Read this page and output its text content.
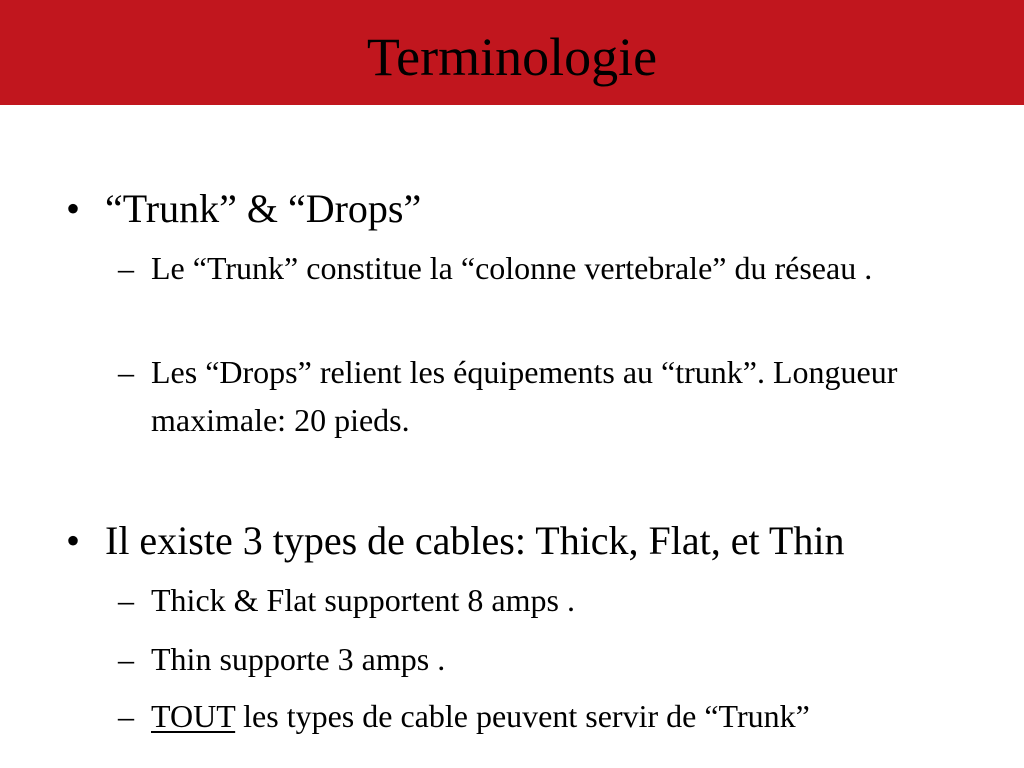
Terminologie
• “Trunk” & “Drops”
– Le “Trunk” constitue la “colonne vertebrale” du réseau .
– Les “Drops” relient les équipements au “trunk”. Longueur maximale: 20 pieds.
• Il existe 3 types de cables: Thick, Flat, et Thin
– Thick & Flat supportent 8 amps .
– Thin supporte 3 amps .
– TOUT les types de cable peuvent servir de “Trunk”
